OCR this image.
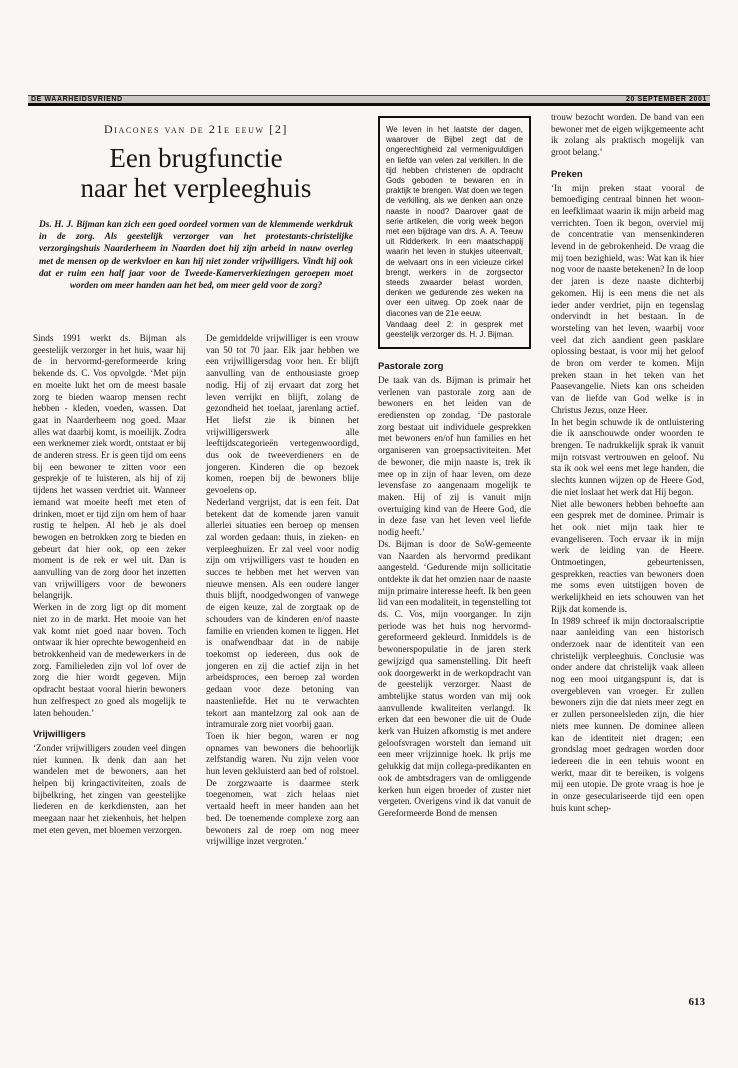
DE WAARHEIDSVRIEND	20 SEPTEMBER 2001
Diacones van de 21e eeuw [2]
Een brugfunctie
naar het verpleeghuis

Ds. H. J. Bijman kan zich een goed oordeel vormen van de klemmende werkdruk in de zorg. Als geestelijk verzorger van het protestants-christelijke verzorgingshuis Naarderheem in Naarden doet hij zijn arbeid in nauw overleg met de mensen op de werkvloer en kan hij niet zonder vrijwilligers. Vindt hij ook dat er ruim een half jaar voor de Tweede-Kamerverkiezingen geroepen moet worden om meer handen aan het bed, om meer geld voor de zorg?

Sinds 1991 werkt ds. Bijman als geestelijk verzorger in het huis, waar hij de in hervormd-gereformeerde kring bekende ds. C. Vos opvolgde. ‘Met pijn en moeite lukt het om de meest basale zorg te bieden waarop mensen recht hebben - kleden, voeden, wassen. Dat gaat in Naarderheem nog goed. Maar alles wat daarbij komt, is moeilijk. Zodra een werknemer ziek wordt, ontstaat er bij de anderen stress. Er is geen tijd om eens bij een bewoner te zitten voor een gesprekje of te luisteren, als hij of zij tijdens het wassen verdriet uit. Wanneer iemand wat moeite heeft met eten of drinken, moet er tijd zijn om hem of haar rustig te helpen. Al heb je als doel bewogen en betrokken zorg te bieden en gebeurt dat hier ook, op een zeker moment is de rek er wel uit. Dan is aanvulling van de zorg door het inzetten van vrijwilligers voor de bewoners belangrijk.

Werken in de zorg ligt op dit moment niet zo in de markt. Het mooie van het vak komt niet goed naar boven. Toch ontwaar ik hier oprechte bewogenheid en betrokkenheid van de medewerkers in de zorg. Familieleden zijn vol lof over de zorg die hier wordt gegeven. Mijn opdracht bestaat vooral hierin bewoners hun zelfrespect zo goed als mogelijk te laten behouden.’

Vrijwilligers

‘Zonder vrijwilligers zouden veel dingen niet kunnen. Ik denk dan aan het wandelen met de bewoners, aan het helpen bij kringactiviteiten, zoals de bijbelkring, het zingen van geestelijke liederen en de kerkdiensten, aan het meegaan naar het ziekenhuis, het helpen met eten geven, met bloemen verzorgen.

De gemiddelde vrijwilliger is een vrouw van 50 tot 70 jaar. Elk jaar hebben we een vrijwilligersdag voor hen. Er blijft aanvulling van de enthousiaste groep nodig. Hij of zij ervaart dat zorg het leven verrijkt en blijft, zolang de gezondheid het toelaat, jarenlang actief. Het liefst zie ik binnen het vrijwilligerswerk alle leeftijdscategorieën vertegenwoordigd, dus ook de tweeverdieners en de jongeren. Kinderen die op bezoek komen, roepen bij de bewoners blije gevoelens op.

Nederland vergrijst, dat is een feit. Dat betekent dat de komende jaren vanuit allerlei situaties een beroep op mensen zal worden gedaan: thuis, in zieken- en verpleeghuizen. Er zal veel voor nodig zijn om vrijwilligers vast te houden en succes te hebben met het werven van nieuwe mensen. Als een oudere langer thuis blijft, noodgedwongen of vanwege de eigen keuze, zal de zorgtaak op de schouders van de kinderen en/of naaste familie en vrienden komen te liggen. Het is onafwendbaar dat in de nabije toekomst op iedereen, dus ook de jongeren en zij die actief zijn in het arbeidsproces, een beroep zal worden gedaan voor deze betoning van naastenliefde. Het nu te verwachten tekort aan mantelzorg zal ook aan de intramurale zorg niet voorbij gaan.

Toen ik hier begon, waren er nog opnames van bewoners die behoorlijk zelfstandig waren. Nu zijn velen voor hun leven gekluisterd aan bed of rolstoel. De zorgzwaarte is daarmee sterk toegenomen, wat zich helaas niet vertaald heeft in meer handen aan het bed. De toenemende complexe zorg aan bewoners zal de roep om nog meer vrijwillige inzet vergroten.’

We leven in het laatste der dagen, waarover de Bijbel zegt dat de ongerechtigheid zal vermenigvuldigen en liefde van velen zal verkillen. In die tijd hebben christenen de opdracht Gods geboden te bewaren en in praktijk te brengen. Wat doen we tegen de verkilling, als we denken aan onze naaste in nood? Daarover gaat de serie artikelen, die vorig week begon met een bijdrage van drs. A. A. Teeuw uit Ridderkerk. In een maatschappij waarin het leven in stukjes uiteenvalt, de welvaart ons in een vicieuze cirkel brengt, werkers in de zorgsector steeds zwaarder belast worden, denken we gedurende zes weken na over een uitweg. Op zoek naar de diacones van de 21e eeuw.

Vandaag deel 2: in gesprek met geestelijk verzorger ds. H. J. Bijman.

Pastorale zorg

De taak van ds. Bijman is primair het verlenen van pastorale zorg aan de bewoners en het leiden van de erediensten op zondag. ‘De pastorale zorg bestaat uit individuele gesprekken met bewoners en/of hun families en het organiseren van groepsactiviteiten. Met de bewoner, die mijn naaste is, trek ik mee op in zijn of haar leven, om deze levensfase zo aangenaam mogelijk te maken. Hij of zij is vanuit mijn overtuiging kind van de Heere God, die in deze fase van het leven veel liefde nodig heeft.’

Ds. Bijman is door de SoW-gemeente van Naarden als hervormd predikant aangesteld. ‘Gedurende mijn sollicitatie ontdekte ik dat het omzien naar de naaste mijn primaire interesse heeft. Ik ben geen lid van een modaliteit, in tegenstelling tot ds. C. Vos, mijn voorganger. In zijn periode was het huis nog hervormd-gereformeerd gekleurd. Inmiddels is de bewonerspopulatie in de jaren sterk gewijzigd qua samenstelling. Dit heeft ook doorgewerkt in de werkopdracht van de geestelijk verzorger. Naast de ambtelijke status worden van mij ook aanvullende kwaliteiten verlangd. Ik erken dat een bewoner die uit de Oude kerk van Huizen afkomstig is met andere geloofsvragen worstelt dan iemand uit een meer vrijzinnige hoek. Ik prijs me gelukkig dat mijn collega-predikanten en ook de ambtsdragers van de omliggende kerken hun eigen broeder of zuster niet vergeten. Overigens vind ik dat vanuit de Gereformeerde Bond de mensen

trouw bezocht worden. De band van een bewoner met de eigen wijkgemeente acht ik zolang als praktisch mogelijk van groot belang.’

Preken

‘In mijn preken staat vooral de bemoediging centraal binnen het woon- en leefklimaat waarin ik mijn arbeid mag verrichten. Toen ik begon, overviel mij de concentratie van mensenkinderen levend in de gebrokenheid. De vraag die mij toen bezighield, was: Wat kan ik hier nog voor de naaste betekenen? In de loop der jaren is deze naaste dichterbij gekomen. Hij is een mens die net als ieder ander verdriet, pijn en tegenslag ondervindt in het bestaan. In de worsteling van het leven, waarbij voor veel dat zich aandient geen pasklare oplossing bestaat, is voor mij het geloof de bron om verder te komen. Mijn preken staan in het teken van het Paasevangelie. Niets kan ons scheiden van de liefde van God welke is in Christus Jezus, onze Heer.

In het begin schuwde ik de ontluistering die ik aanschouwde onder woorden te brengen. Te nadrukkelijk sprak ik vanuit mijn rotsvast vertrouwen en geloof. Nu sta ik ook wel eens met lege handen, die slechts kunnen wijzen op de Heere God, die niet loslaat het werk dat Hij begon.

Niet alle bewoners hebben behoefte aan een gesprek met de dominee. Primair is het ook niet mijn taak hier te evangeliseren. Toch ervaar ik in mijn werk de leiding van de Heere. Ontmoetingen, gebeurtenissen, gesprekken, reacties van bewoners doen me soms even uitstijgen boven de werkelijkheid en iets schouwen van het Rijk dat komende is.

In 1989 schreef ik mijn doctoraalscriptie naar aanleiding van een historisch onderzoek naar de identiteit van een christelijk verpleeghuis. Conclusie was onder andere dat christelijk vaak alleen nog een mooi uitgangspunt is, dat is overgebleven van vroeger. Er zullen bewoners zijn die dat niets meer zegt en er zullen personeelsleden zijn, die hier niets mee kunnen. De dominee alleen kan de identiteit niet dragen; een grondslag moet gedragen worden door iedereen die in een tehuis woont en werkt, maar dit te bereiken, is volgens mij een utopie. De grote vraag is hoe je in onze geseculariseerde tijd een open huis kunt schep-

613
